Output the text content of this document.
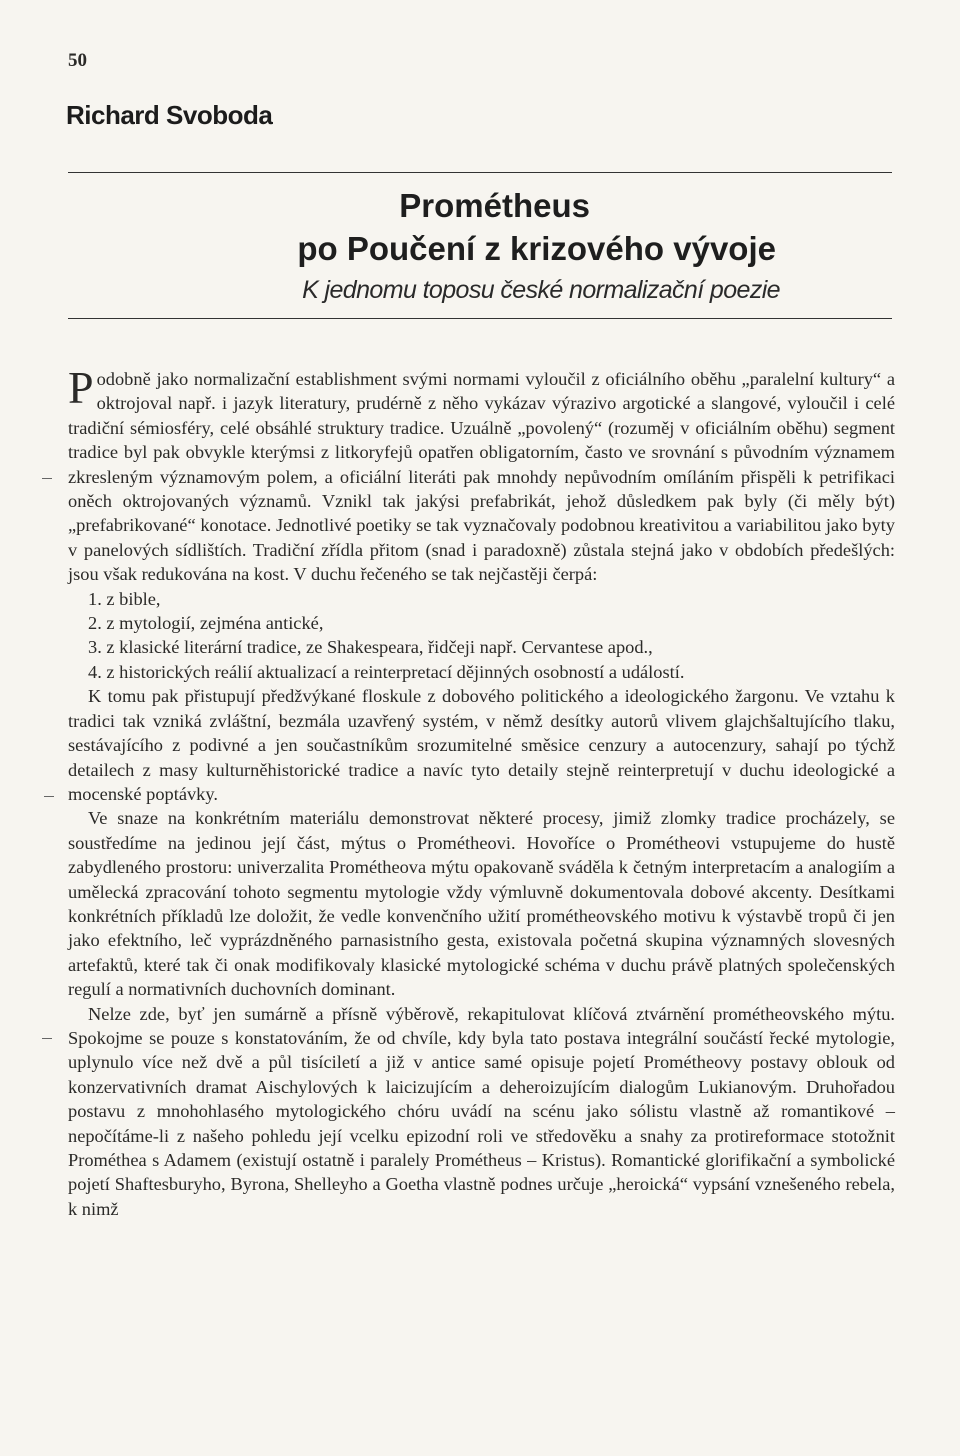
50
Richard Svoboda
Prométheus
po Poučení z krizového vývoje
K jednomu toposu české normalizační poezie

Podobně jako normalizační establishment svými normami vyloučil z oficiálního oběhu „paralelní kultury“ a oktrojoval např. i jazyk literatury, prudérně z něho vykázav výrazivo argotické a slangové, vyloučil i celé tradiční sémiosféry, celé obsáhlé struktury tradice. Uzuálně „povolený“ (rozuměj v oficiálním oběhu) segment tradice byl pak obvykle kterýmsi z litkoryfejů opatřen obligatorním, často ve srovnání s původním významem zkresleným významovým polem, a oficiální literáti pak mnohdy nepůvodním omíláním přispěli k petrifikaci oněch oktrojovaných významů. Vznikl tak jakýsi prefabrikát, jehož důsledkem pak byly (či měly být) „prefabrikované“ konotace. Jednotlivé poetiky se tak vyznačovaly podobnou kreativitou a variabilitou jako byty v panelových sídlištích. Tradiční zřídla přitom (snad i paradoxně) zůstala stejná jako v obdobích předešlých: jsou však redukována na kost. V duchu řečeného se tak nejčastěji čerpá:

1. z bible,

2. z mytologií, zejména antické,

3. z klasické literární tradice, ze Shakespeara, řidčeji např. Cervantese apod.,

4. z historických reálií aktualizací a reinterpretací dějinných osobností a událostí.

K tomu pak přistupují předžvýkané floskule z dobového politického a ideologického žargonu. Ve vztahu k tradici tak vzniká zvláštní, bezmála uzavřený systém, v němž desítky autorů vlivem glajchšaltujícího tlaku, sestávajícího z podivné a jen součastníkům srozumitelné směsice cenzury a autocenzury, sahají po týchž detailech z masy kulturněhistorické tradice a navíc tyto detaily stejně reinterpretují v duchu ideologické a mocenské poptávky.

Ve snaze na konkrétním materiálu demonstrovat některé procesy, jimiž zlomky tradice procházely, se soustředíme na jedinou její část, mýtus o Prométheovi. Hovoříce o Prométheovi vstupujeme do hustě zabydleného prostoru: univerzalita Prométheova mýtu opakovaně sváděla k četným interpretacím a analogiím a umělecká zpracování tohoto segmentu mytologie vždy výmluvně dokumentovala dobové akcenty. Desítkami konkrétních příkladů lze doložit, že vedle konvenčního užití prométheovského motivu k výstavbě tropů či jen jako efektního, leč vyprázdněného parnasistního gesta, existovala početná skupina významných slovesných artefaktů, které tak či onak modifikovaly klasické mytologické schéma v duchu právě platných společenských regulí a normativních duchovních dominant.

Nelze zde, byť jen sumárně a přísně výběrově, rekapitulovat klíčová ztvárnění prométheovského mýtu. Spokojme se pouze s konstatováním, že od chvíle, kdy byla tato postava integrální součástí řecké mytologie, uplynulo více než dvě a půl tisíciletí a již v antice samé opisuje pojetí Prométheovy postavy oblouk od konzervativních dramat Aischylových k laicizujícím a deheroizujícím dialogům Lukianovým. Druhořadou postavu z mnohohlasého mytologického chóru uvádí na scénu jako sólistu vlastně až romantikové – nepočítáme-li z našeho pohledu její vcelku epizodní roli ve středověku a snahy za protireformace stotožnit Prométhea s Adamem (existují ostatně i paralely Prométheus – Kristus). Romantické glorifikační a symbolické pojetí Shaftesburyho, Byrona, Shelleyho a Goetha vlastně podnes určuje „heroická“ vypsání vznešeného rebela, k nimž
